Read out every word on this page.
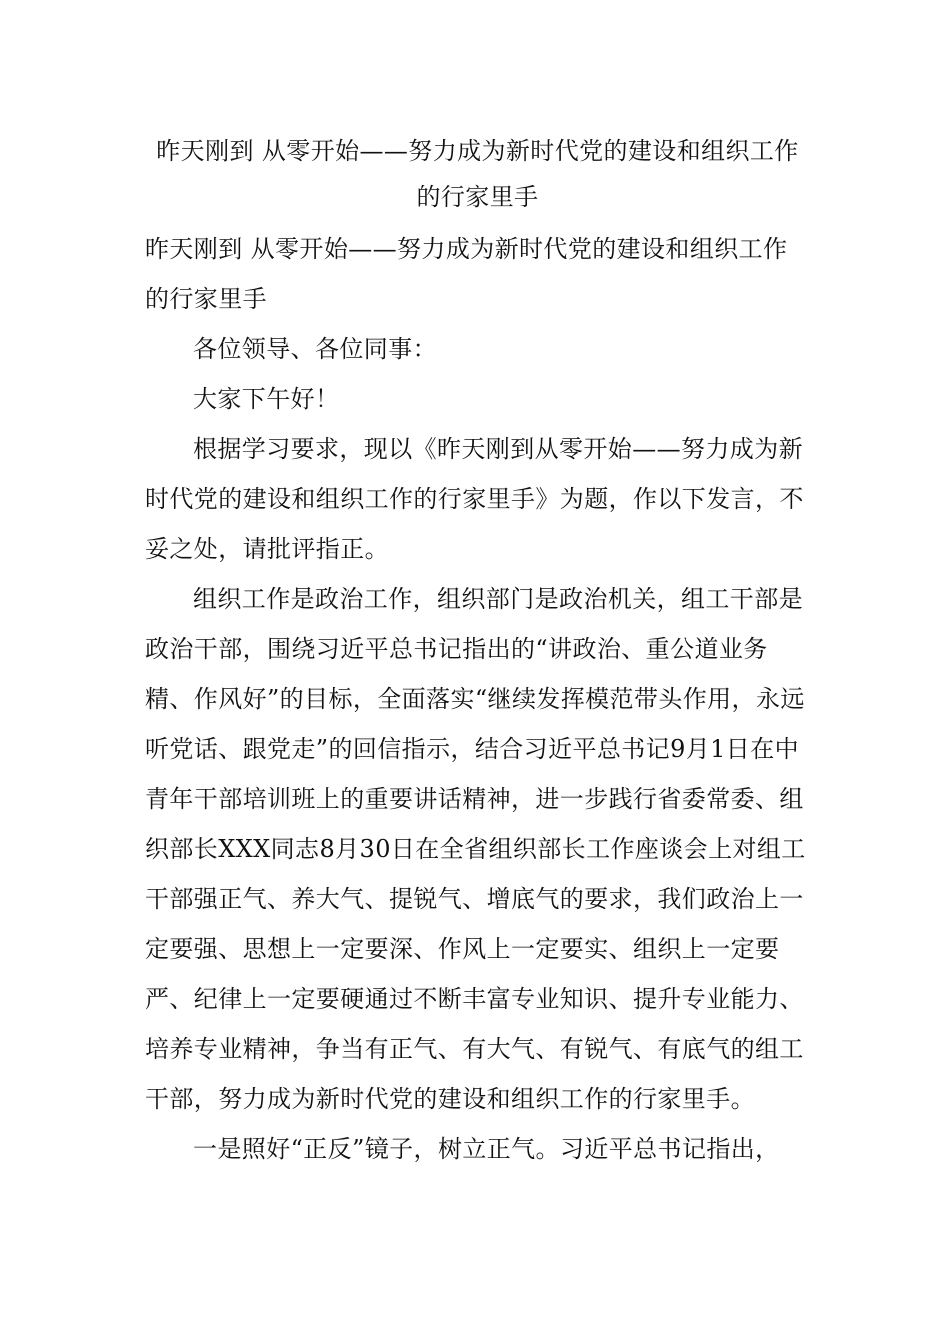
昨天刚到 从零开始——努力成为新时代党的建设和组织工作的行家里手

昨天刚到 从零开始——努力成为新时代党的建设和组织工作的行家里手

各位领导、各位同事：

大家下午好！

根据学习要求，现以《昨天刚到从零开始——努力成为新时代党的建设和组织工作的行家里手》为题，作以下发言，不妥之处，请批评指正。

组织工作是政治工作，组织部门是政治机关，组工干部是政治干部，围绕习近平总书记指出的“讲政治、重公道业务精、作风好”的目标，全面落实“继续发挥模范带头作用，永远听党话、跟党走”的回信指示，结合习近平总书记9月1日在中青年干部培训班上的重要讲话精神，进一步践行省委常委、组织部长XXX同志8月30日在全省组织部长工作座谈会上对组工干部强正气、养大气、提锐气、增底气的要求，我们政治上一定要强、思想上一定要深、作风上一定要实、组织上一定要严、纪律上一定要硬通过不断丰富专业知识、提升专业能力、培养专业精神，争当有正气、有大气、有锐气、有底气的组工干部，努力成为新时代党的建设和组织工作的行家里手。

一是照好“正反”镜子，树立正气。习近平总书记指出，
